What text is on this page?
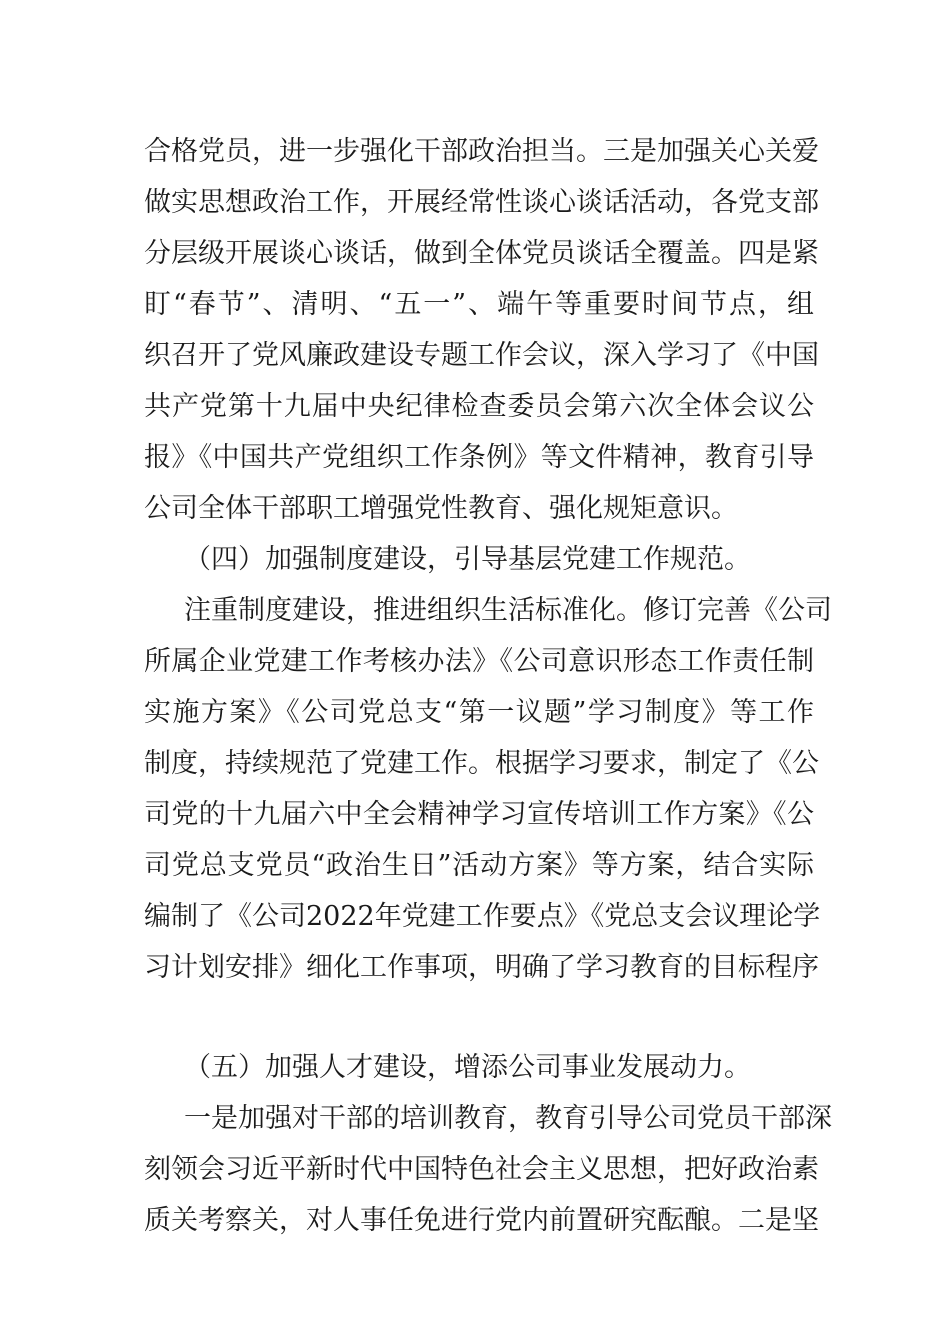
合格党员，进一步强化干部政治担当。三是加强关心关爱
做实思想政治工作，开展经常性谈心谈话活动，各党支部
分层级开展谈心谈话，做到全体党员谈话全覆盖。四是紧
盯“春节”、清明、“五一”、端午等重要时间节点，组
织召开了党风廉政建设专题工作会议，深入学习了《中国
共产党第十九届中央纪律检查委员会第六次全体会议公
报》《中国共产党组织工作条例》等文件精神，教育引导
公司全体干部职工增强党性教育、强化规矩意识。
（四）加强制度建设，引导基层党建工作规范。
注重制度建设，推进组织生活标准化。修订完善《公司
所属企业党建工作考核办法》《公司意识形态工作责任制
实施方案》《公司党总支“第一议题”学习制度》等工作
制度，持续规范了党建工作。根据学习要求，制定了《公
司党的十九届六中全会精神学习宣传培训工作方案》《公
司党总支党员“政治生日”活动方案》等方案，结合实际
编制了《公司2022年党建工作要点》《党总支会议理论学
习计划安排》细化工作事项，明确了学习教育的目标程序
（五）加强人才建设，增添公司事业发展动力。
一是加强对干部的培训教育，教育引导公司党员干部深
刻领会习近平新时代中国特色社会主义思想，把好政治素
质关考察关，对人事任免进行党内前置研究酝酿。二是坚
